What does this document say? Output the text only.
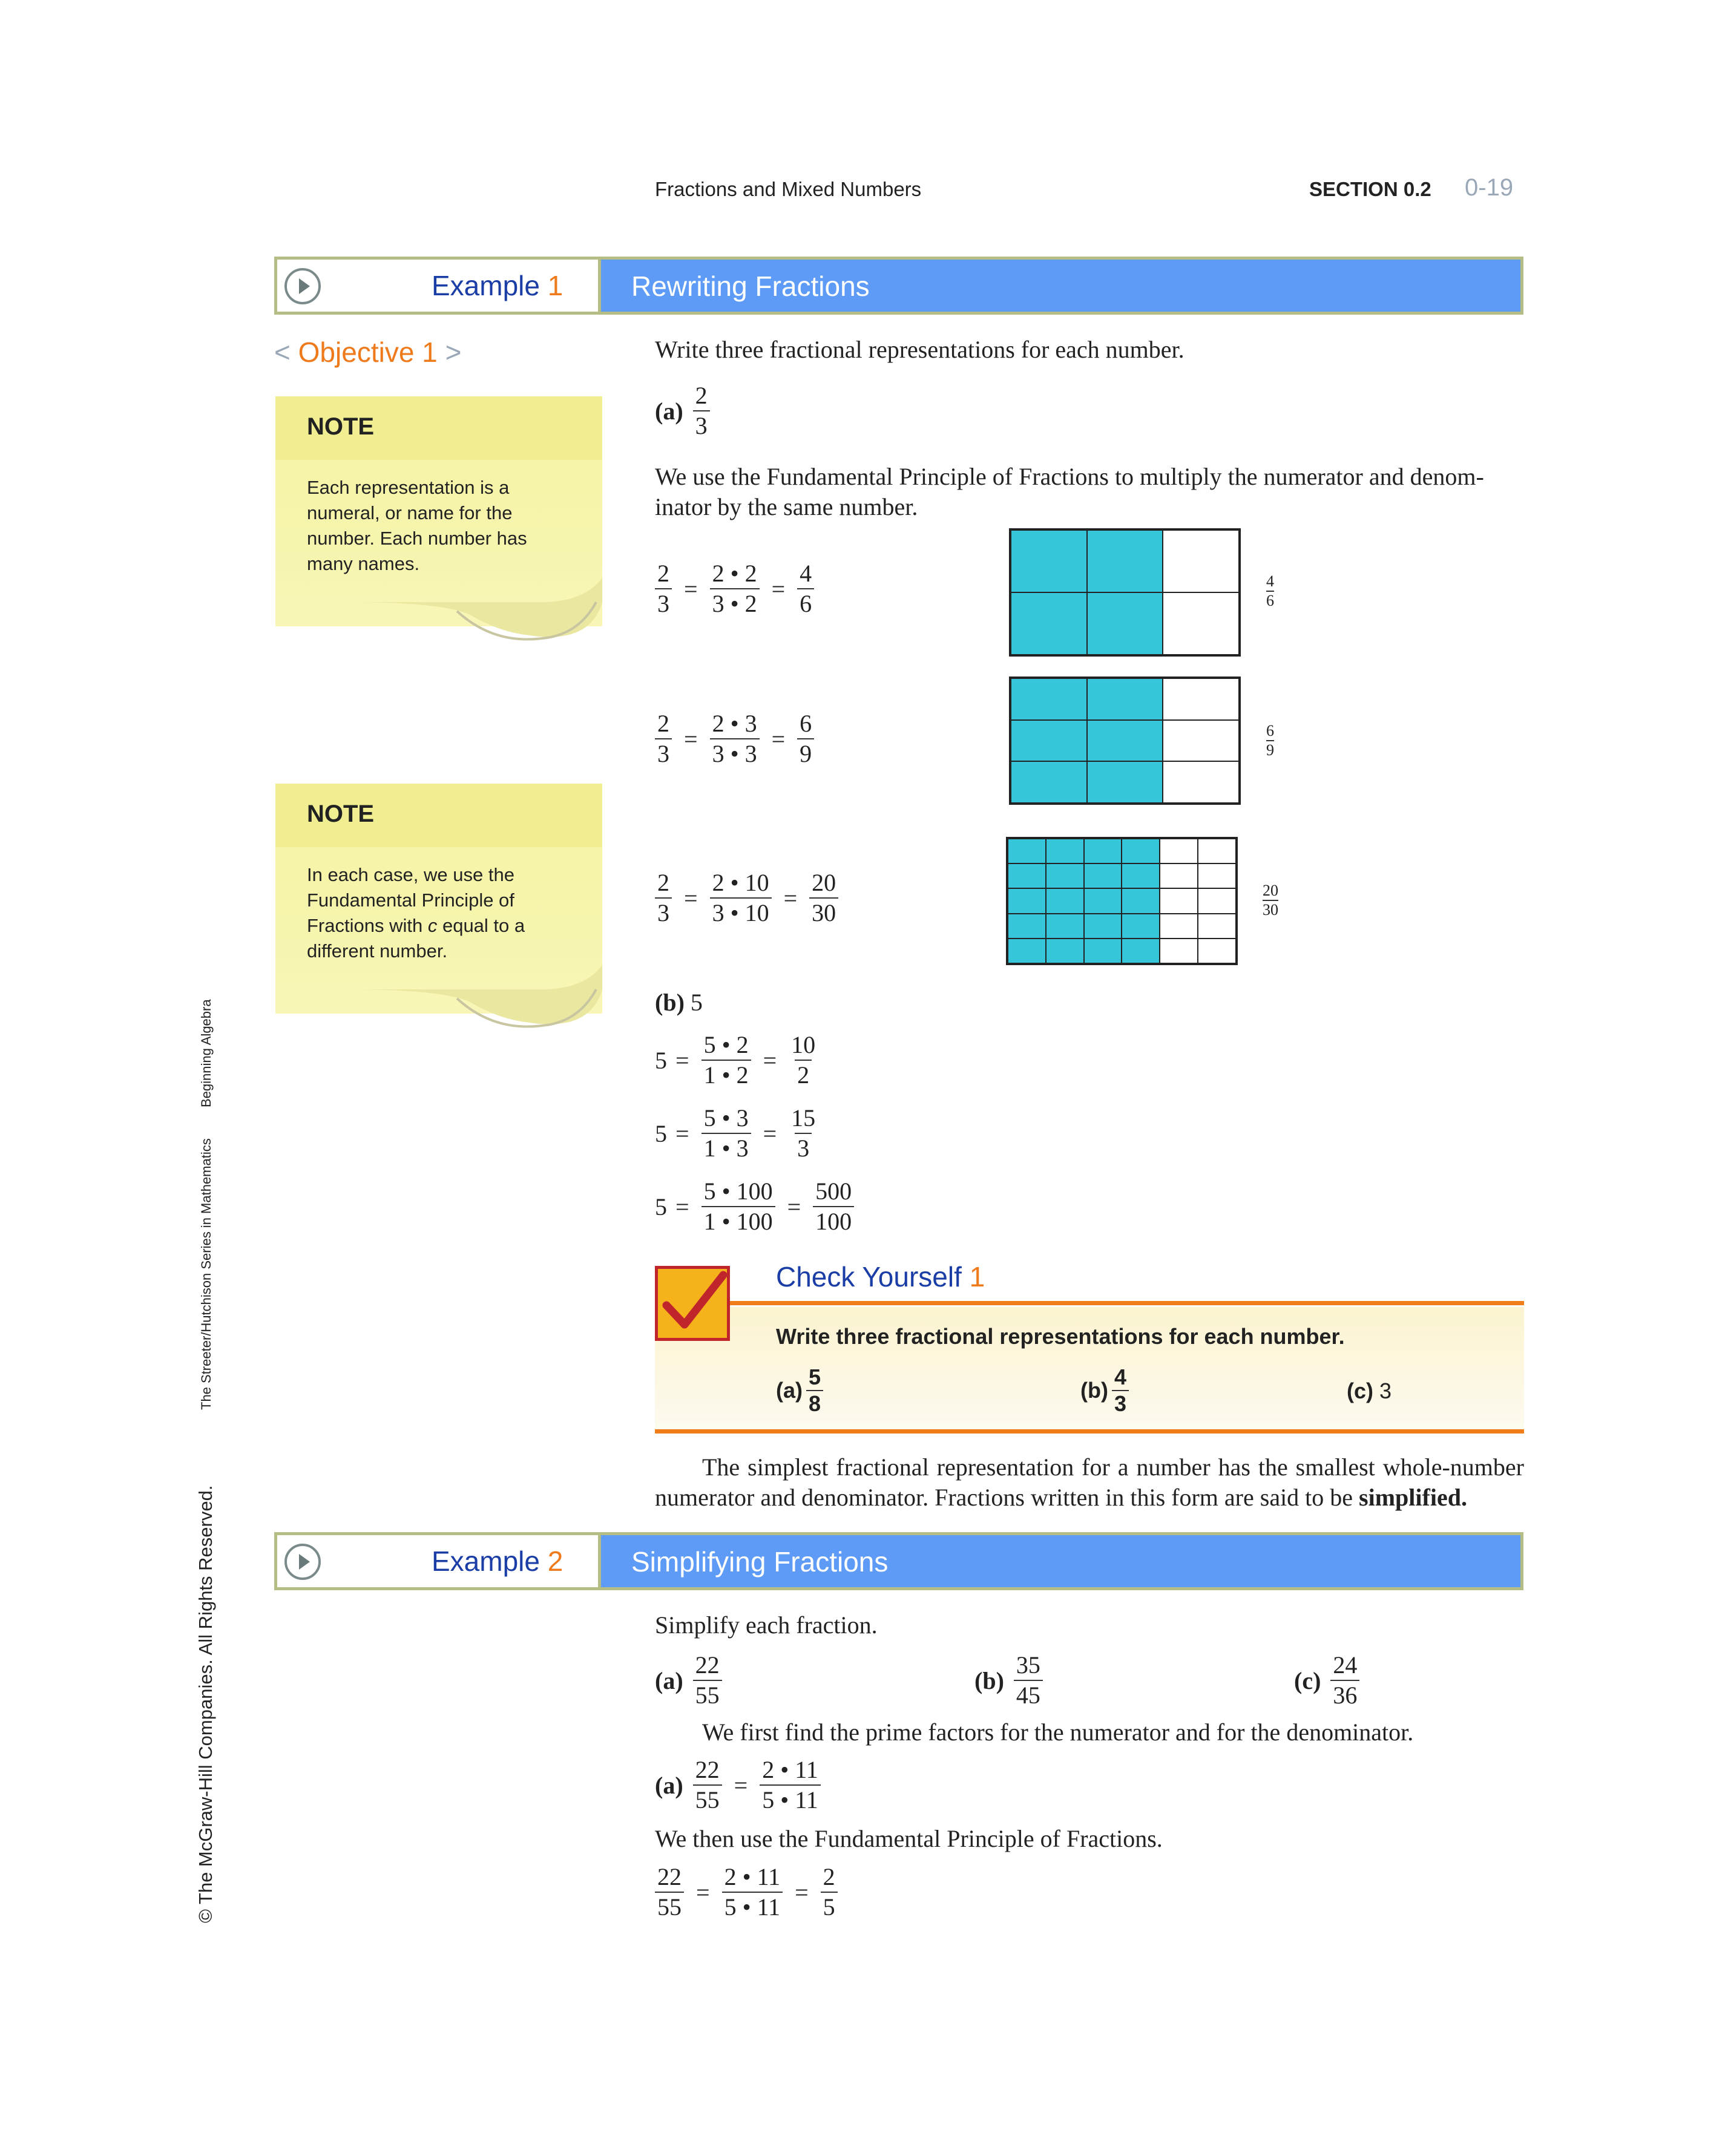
Fractions and Mixed Numbers	SECTION 0.2 0-19
Example 1 Rewriting Fractions
< Objective 1 >
NOTE
Each representation is a numeral, or name for the number. Each number has many names.
NOTE
In each case, we use the Fundamental Principle of Fractions with c equal to a different number.
Write three fractional representations for each number.
$(a) \frac{2}{3}$
We use the Fundamental Principle of Fractions to multiply the numerator and denom-inator by the same number.
$\frac{2}{3} = \frac{2 • 2}{3 • 2} = \frac{4}{6}$
$\frac{2}{3} = \frac{2 • 3}{3 • 3} = \frac{6}{9}$
$\frac{2}{3} = \frac{2 • 10}{3 • 10} = \frac{20}{30}$
4
6
6
9
20
30
(b) 5
$5 = \frac{5 • 2}{1 • 2} = \frac{10}{2}$
$5 = \frac{5 • 3}{1 • 3} = \frac{15}{3}$
$5 = \frac{5 • 100}{1 • 100} = \frac{500}{100}$
Check Yourself 1
Write three fractional representations for each number.
$(a) \frac{5}{8}$	$(b) \frac{4}{3}$	(c)
3
The simplest fractional representation for a number has the smallest whole-number numerator and denominator. Fractions written in this form are said to be simplified.
Example 2 Simplifying Fractions
Simplify each fraction.
$(a) \frac{22}{55}$	$(b) \frac{35}{45}$	$(c) \frac{24}{36}$
We first find the prime factors for the numerator and for the denominator.
$(a) \frac{22}{55} = \frac{2 • 11}{5 • 11}$
We then use the Fundamental Principle of Fractions.
$\frac{22}{55} = \frac{2 • 11}{5 • 11} = \frac{2}{5}$
Beginning Algebra
The Streeter/Hutchison Series in Mathematics
© The McGraw-Hill Companies. All Rights Reserved.
